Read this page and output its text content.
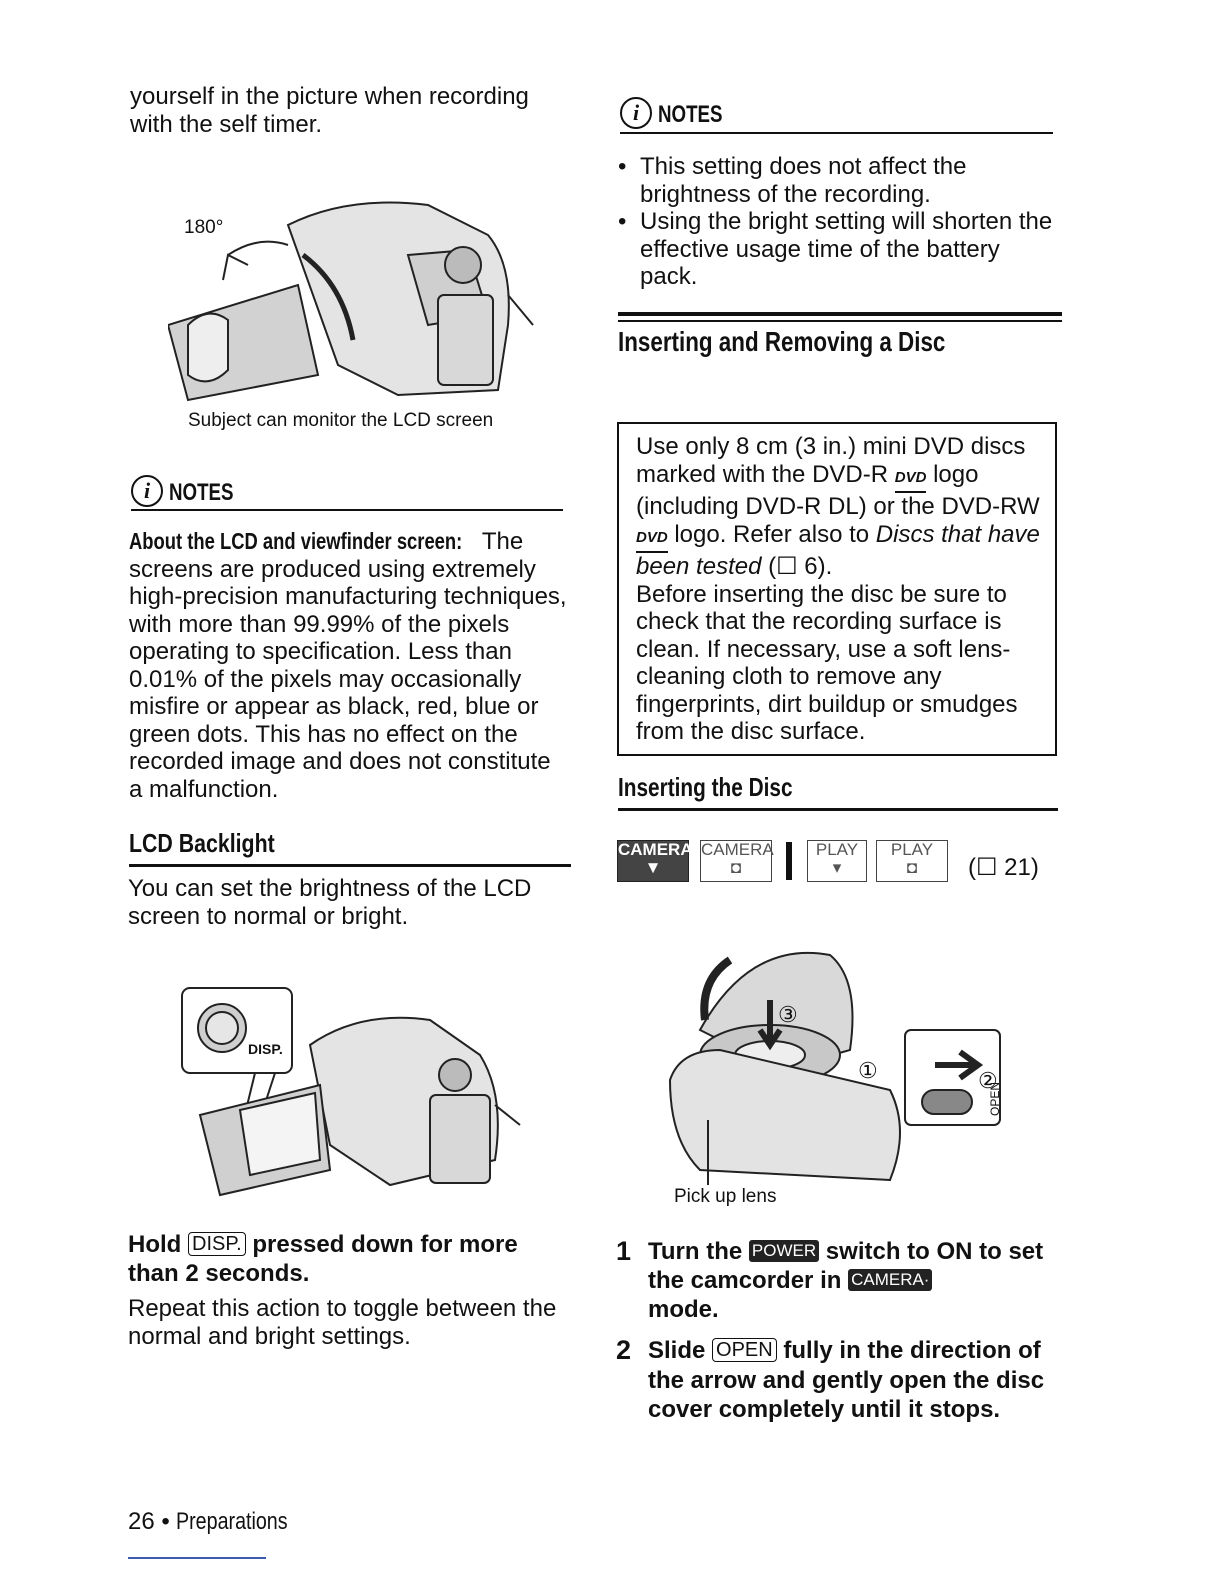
yourself in the picture when recording
with the self timer.
180°
Subject can monitor the LCD screen
i NOTES
About the LCD and viewfinder screen: The screens are produced using extremely high-precision manufacturing techniques, with more than 99.99% of the pixels operating to specification. Less than 0.01% of the pixels may occasionally misfire or appear as black, red, blue or green dots. This has no effect on the recorded image and does not constitute a malfunction.
LCD Backlight
You can set the brightness of the LCD screen to normal or bright.
DISP.
Hold DISP. pressed down for more
than 2 seconds.
Repeat this action to toggle between the normal and bright settings.
26 • Preparations
i NOTES
• This setting does not affect the brightness of the recording.
• Using the bright setting will shorten the effective usage time of the battery pack.
Inserting and Removing a Disc
Use only 8 cm (3 in.) mini DVD discs marked with the DVD-R DVD logo (including DVD-R DL) or the DVD-RW DVD logo. Refer also to Discs that have been tested (☐ 6).
Before inserting the disc be sure to check that the recording surface is clean. If necessary, use a soft lens-cleaning cloth to remove any fingerprints, dirt buildup or smudges from the disc surface.
Inserting the Disc
CAMERA
▼
CAMERA
◘
PLAY
▾
PLAY
◘	(☐ 21)
③
①	②
OPEN
Pick up lens
1 Turn the POWER switch to ON to set
the camcorder in CAMERA·
mode.
2 Slide OPEN fully in the direction of
the arrow and gently open the disc
cover completely until it stops.
